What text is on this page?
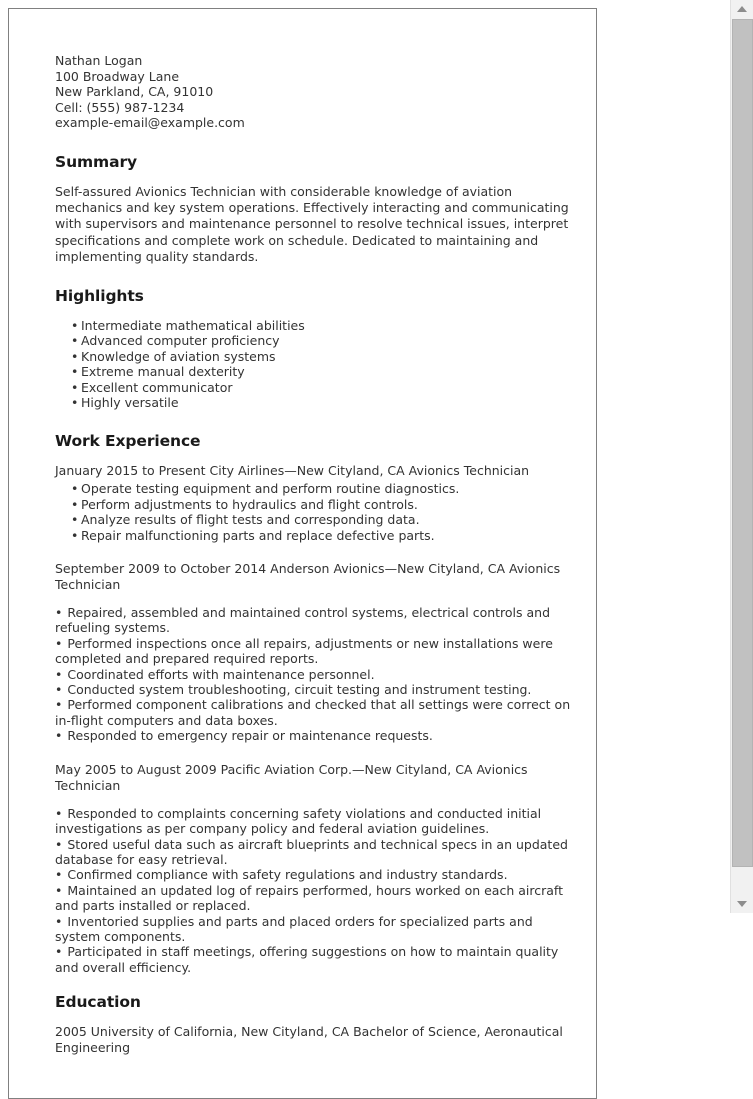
Nathan Logan
100 Broadway Lane
New Parkland, CA, 91010
Cell: (555) 987-1234
example-email@example.com
Summary

Self-assured Avionics Technician with considerable knowledge of aviation mechanics and key system operations. Effectively interacting and communicating with supervisors and maintenance personnel to resolve technical issues, interpret specifications and complete work on schedule. Dedicated to maintaining and implementing quality standards.

Highlights
• Intermediate mathematical abilities
• Advanced computer proficiency
• Knowledge of aviation systems
• Extreme manual dexterity
• Excellent communicator
• Highly versatile
Work Experience
January 2015 to Present City Airlines—New Cityland, CA Avionics Technician
• Operate testing equipment and perform routine diagnostics.
• Perform adjustments to hydraulics and flight controls.
• Analyze results of flight tests and corresponding data.
• Repair malfunctioning parts and replace defective parts.
September 2009 to October 2014 Anderson Avionics—New Cityland, CA Avionics Technician

• Repaired, assembled and maintained control systems, electrical controls and refueling systems.

• Performed inspections once all repairs, adjustments or new installations were completed and prepared required reports.

• Coordinated efforts with maintenance personnel.

• Conducted system troubleshooting, circuit testing and instrument testing.

• Performed component calibrations and checked that all settings were correct on in-flight computers and data boxes.

• Responded to emergency repair or maintenance requests.

May 2005 to August 2009 Pacific Aviation Corp.—New Cityland, CA Avionics Technician

• Responded to complaints concerning safety violations and conducted initial investigations as per company policy and federal aviation guidelines.

• Stored useful data such as aircraft blueprints and technical specs in an updated database for easy retrieval.

• Confirmed compliance with safety regulations and industry standards.

• Maintained an updated log of repairs performed, hours worked on each aircraft and parts installed or replaced.

• Inventoried supplies and parts and placed orders for specialized parts and system components.

• Participated in staff meetings, offering suggestions on how to maintain quality and overall efficiency.

Education
2005 University of California, New Cityland, CA Bachelor of Science, Aeronautical Engineering
